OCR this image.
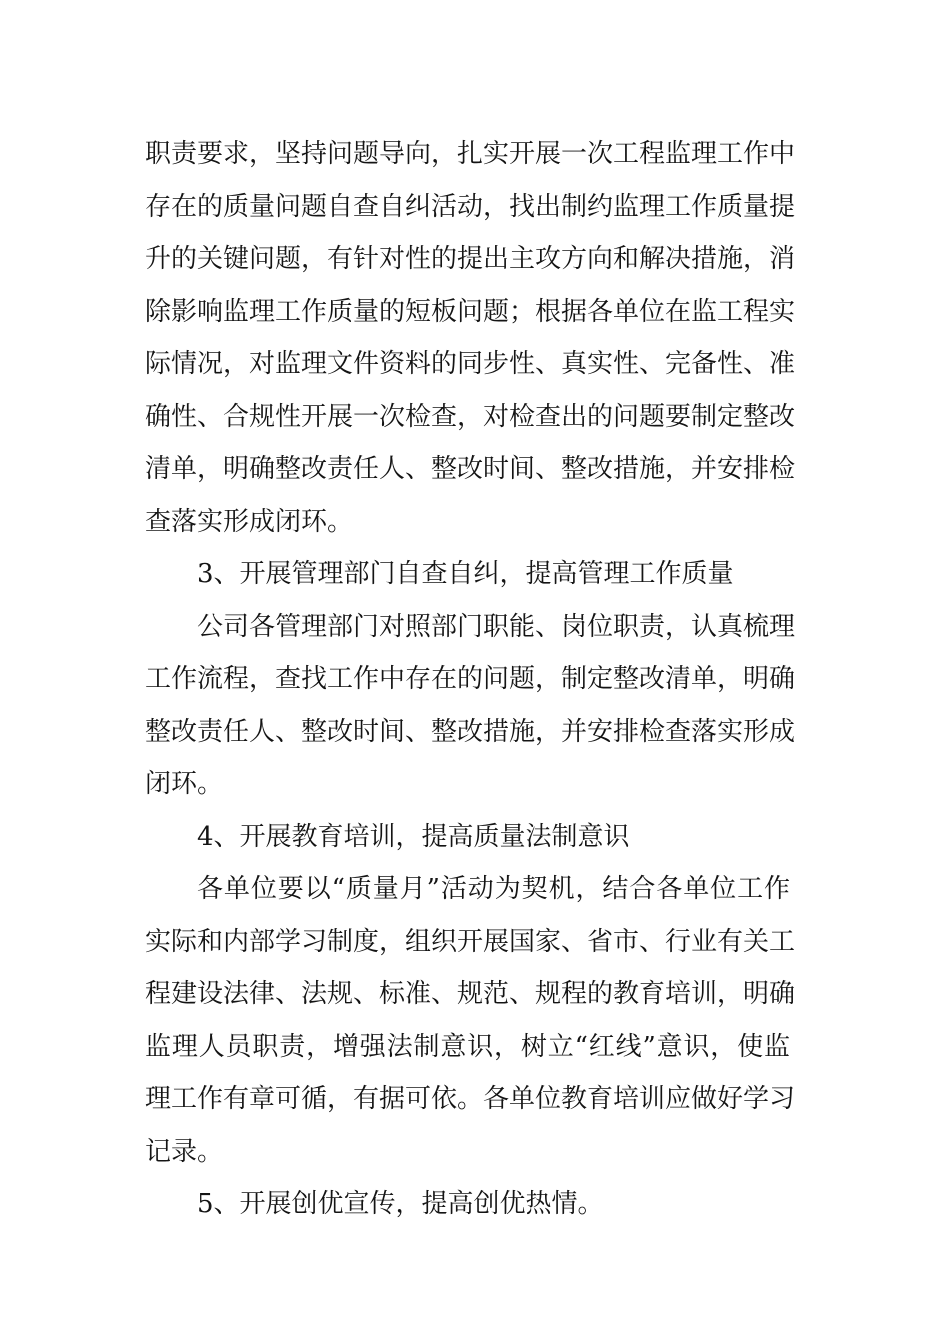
职责要求，坚持问题导向，扎实开展一次工程监理工作中
存在的质量问题自查自纠活动，找出制约监理工作质量提
升的关键问题，有针对性的提出主攻方向和解决措施，消
除影响监理工作质量的短板问题；根据各单位在监工程实
际情况，对监理文件资料的同步性、真实性、完备性、准
确性、合规性开展一次检查，对检查出的问题要制定整改
清单，明确整改责任人、整改时间、整改措施，并安排检
查落实形成闭环。
3、开展管理部门自查自纠，提高管理工作质量
公司各管理部门对照部门职能、岗位职责，认真梳理
工作流程，查找工作中存在的问题，制定整改清单，明确
整改责任人、整改时间、整改措施，并安排检查落实形成
闭环。
4、开展教育培训，提高质量法制意识
各单位要以“质量月”活动为契机，结合各单位工作
实际和内部学习制度，组织开展国家、省市、行业有关工
程建设法律、法规、标准、规范、规程的教育培训，明确
监理人员职责，增强法制意识，树立“红线”意识，使监
理工作有章可循，有据可依。各单位教育培训应做好学习
记录。
5、开展创优宣传，提高创优热情。
